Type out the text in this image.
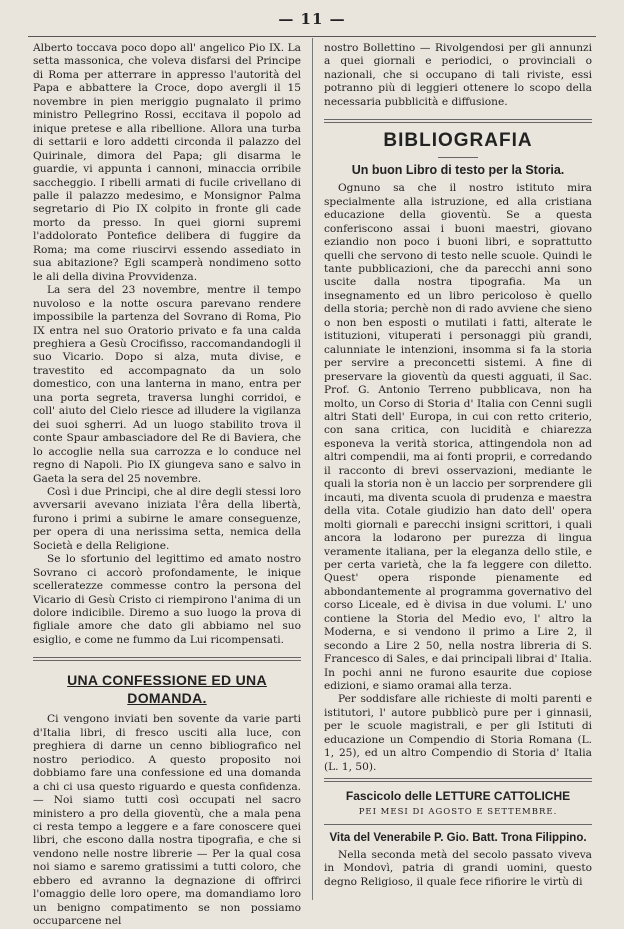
— 11 —

Alberto toccava poco dopo all' angelico Pio IX. La setta massonica, che voleva disfarsi del Principe di Roma per atterrare in appresso l'autorità del Papa e abbattere la Croce, dopo avergli il 15 novembre in pien meriggio pugnalato il primo ministro Pellegrino Rossi, eccitava il popolo ad inique pretese e alla ribellione. Allora una turba di settarii e loro addetti circonda il palazzo del Quirinale, dimora del Papa; gli disarma le guardie, vi appunta i cannoni, minaccia orribile saccheggio. I ribelli armati di fucile crivellano di palle il palazzo medesimo, e Monsignor Palma segretario di Pio IX colpito in fronte gli cade morto da presso. In quei giorni supremi l'addolorato Pontefice delibera di fuggire da Roma; ma come riuscirvi essendo assediato in sua abitazione? Egli scamperà nondimeno sotto le ali della divina Provvidenza.

La sera del 23 novembre, mentre il tempo nuvoloso e la notte oscura parevano rendere impossibile la partenza del Sovrano di Roma, Pio IX entra nel suo Oratorio privato e fa una calda preghiera a Gesù Crocifisso, raccomandandogli il suo Vicario. Dopo si alza, muta divise, e travestito ed accompagnato da un solo domestico, con una lanterna in mano, entra per una porta segreta, traversa lunghi corridoi, e coll' aiuto del Cielo riesce ad illudere la vigilanza dei suoi sgherri. Ad un luogo stabilito trova il conte Spaur ambasciadore del Re di Baviera, che lo accoglie nella sua carrozza e lo conduce nel regno di Napoli. Pio IX giungeva sano e salvo in Gaeta la sera del 25 novembre.

Così i due Principi, che al dire degli stessi loro avversarii avevano iniziata l'êra della libertà, furono i primi a subirne le amare conseguenze, per opera di una nerissima setta, nemica della Società e della Religione.

Se lo sfortunio del legittimo ed amato nostro Sovrano ci accorò profondamente, le inique scelleratezze commesse contro la persona del Vicario di Gesù Cristo ci riempirono l'anima di un dolore indicibile. Diremo a suo luogo la prova di figliale amore che dato gli abbiamo nel suo esiglio, e come ne fummo da Lui ricompensati.

UNA CONFESSIONE ED UNA DOMANDA.

Ci vengono inviati ben sovente da varie parti d'Italia libri, di fresco usciti alla luce, con preghiera di darne un cenno bibliografico nel nostro periodico. A questo proposito noi dobbiamo fare una confessione ed una domanda a chi ci usa questo riguardo e questa confidenza. — Noi siamo tutti così occupati nel sacro ministero a pro della gioventù, che a mala pena ci resta tempo a leggere e a fare conoscere quei libri, che escono dalla nostra tipografia, e che si vendono nelle nostre librerie — Per la qual cosa noi siamo e saremo gratissimi a tutti coloro, che ebbero ed avranno la degnazione di offrirci l'omaggio delle loro opere, ma domandiamo loro un benigno compatimento se non possiamo occuparcene nel

nostro Bollettino — Rivolgendosi per gli annunzi a quei giornali e periodici, o provinciali o nazionali, che si occupano di tali riviste, essi potranno più di leggieri ottenere lo scopo della necessaria pubblicità e diffusione.

BIBLIOGRAFIA
Un buon Libro di testo per la Storia.

Ognuno sa che il nostro istituto mira specialmente alla istruzione, ed alla cristiana educazione della gioventù. Se a questa conferiscono assai i buoni maestri, giovano eziandio non poco i buoni libri, e soprattutto quelli che servono di testo nelle scuole. Quindi le tante pubblicazioni, che da parecchi anni sono uscite dalla nostra tipografia. Ma un insegnamento ed un libro pericoloso è quello della storia; perchè non di rado avviene che sieno o non ben esposti o mutilati i fatti, alterate le istituzioni, vituperati i personaggi più grandi, calunniate le intenzioni, insomma si fa la storia per servire a preconcetti sistemi. A fine di preservare la gioventù da questi agguati, il Sac. Prof. G. Antonio Terreno pubblicava, non ha molto, un Corso di Storia d' Italia con Cenni sugli altri Stati dell' Europa, in cui con retto criterio, con sana critica, con lucidità e chiarezza esponeva la verità storica, attingendola non ad altri compendii, ma ai fonti proprii, e corredando il racconto di brevi osservazioni, mediante le quali la storia non è un laccio per sorprendere gli incauti, ma diventa scuola di prudenza e maestra della vita. Cotale giudizio han dato dell' opera molti giornali e parecchi insigni scrittori, i quali ancora la lodarono per purezza di lingua veramente italiana, per la eleganza dello stile, e per certa varietà, che la fa leggere con diletto. Quest' opera risponde pienamente ed abbondantemente al programma governativo del corso Liceale, ed è divisa in due volumi. L' uno contiene la Storia del Medio evo, l' altro la Moderna, e si vendono il primo a Lire 2, il secondo a Lire 2 50, nella nostra libreria di S. Francesco di Sales, e dai principali librai d' Italia. In pochi anni ne furono esaurite due copiose edizioni, e siamo oramai alla terza.

Per soddisfare alle richieste di molti parenti e istitutori, l' autore pubblicò pure per i ginnasii, per le scuole magistrali, e per gli Istituti di educazione un Compendio di Storia Romana (L. 1, 25), ed un altro Compendio di Storia d' Italia (L. 1, 50).

Fascicolo delle LETTURE CATTOLICHE
PEI MESI DI AGOSTO E SETTEMBRE.
Vita del Venerabile P. Gio. Batt. Trona Filippino.

Nella seconda metà del secolo passato viveva in Mondovì, patria di grandi uomini, questo degno Religioso, il quale fece rifiorire le virtù di
